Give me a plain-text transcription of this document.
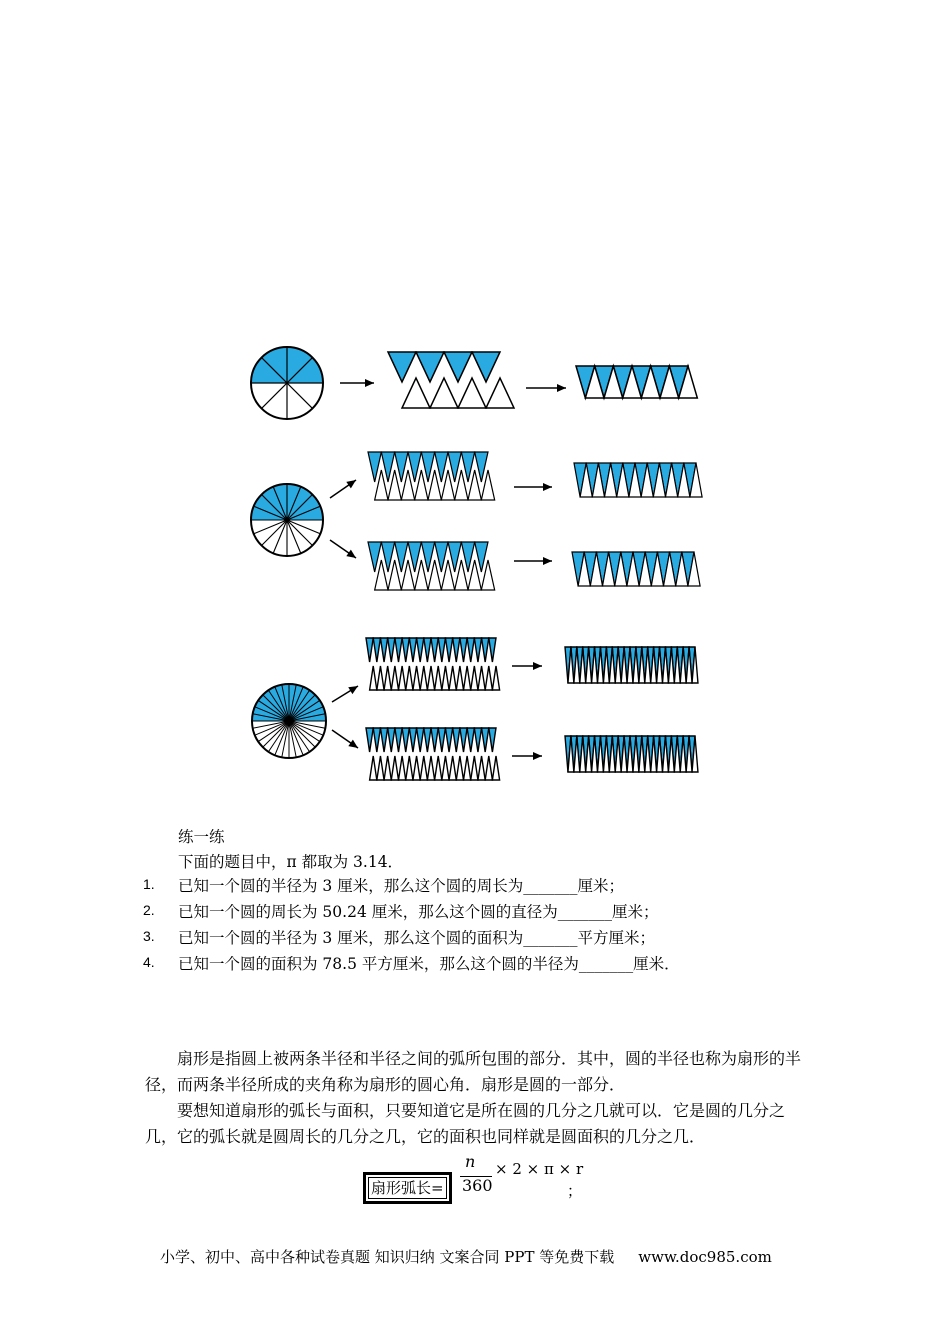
练一练
下面的题目中，π 都取为 3.14．
1. 已知一个圆的半径为 3 厘米，那么这个圆的周长为_______厘米；
2. 已知一个圆的周长为 50.24 厘米，那么这个圆的直径为_______厘米；
3. 已知一个圆的半径为 3 厘米，那么这个圆的面积为_______平方厘米；
4. 已知一个圆的面积为 78.5 平方厘米，那么这个圆的半径为_______厘米．
扇形是指圆上被两条半径和半径之间的弧所包围的部分．其中，圆的半径也称为扇形的半径，而两条半径所成的夹角称为扇形的圆心角．扇形是圆的一部分．
要想知道扇形的弧长与面积，只要知道它是所在圆的几分之几就可以．它是圆的几分之几，它的弧长就是圆周长的几分之几，它的面积也同样就是圆面积的几分之几．
扇形弧长=
n
360
× 2 × π × r
；
小学、初中、高中各种试卷真题 知识归纳 文案合同 PPT 等免费下载 www.doc985.com
